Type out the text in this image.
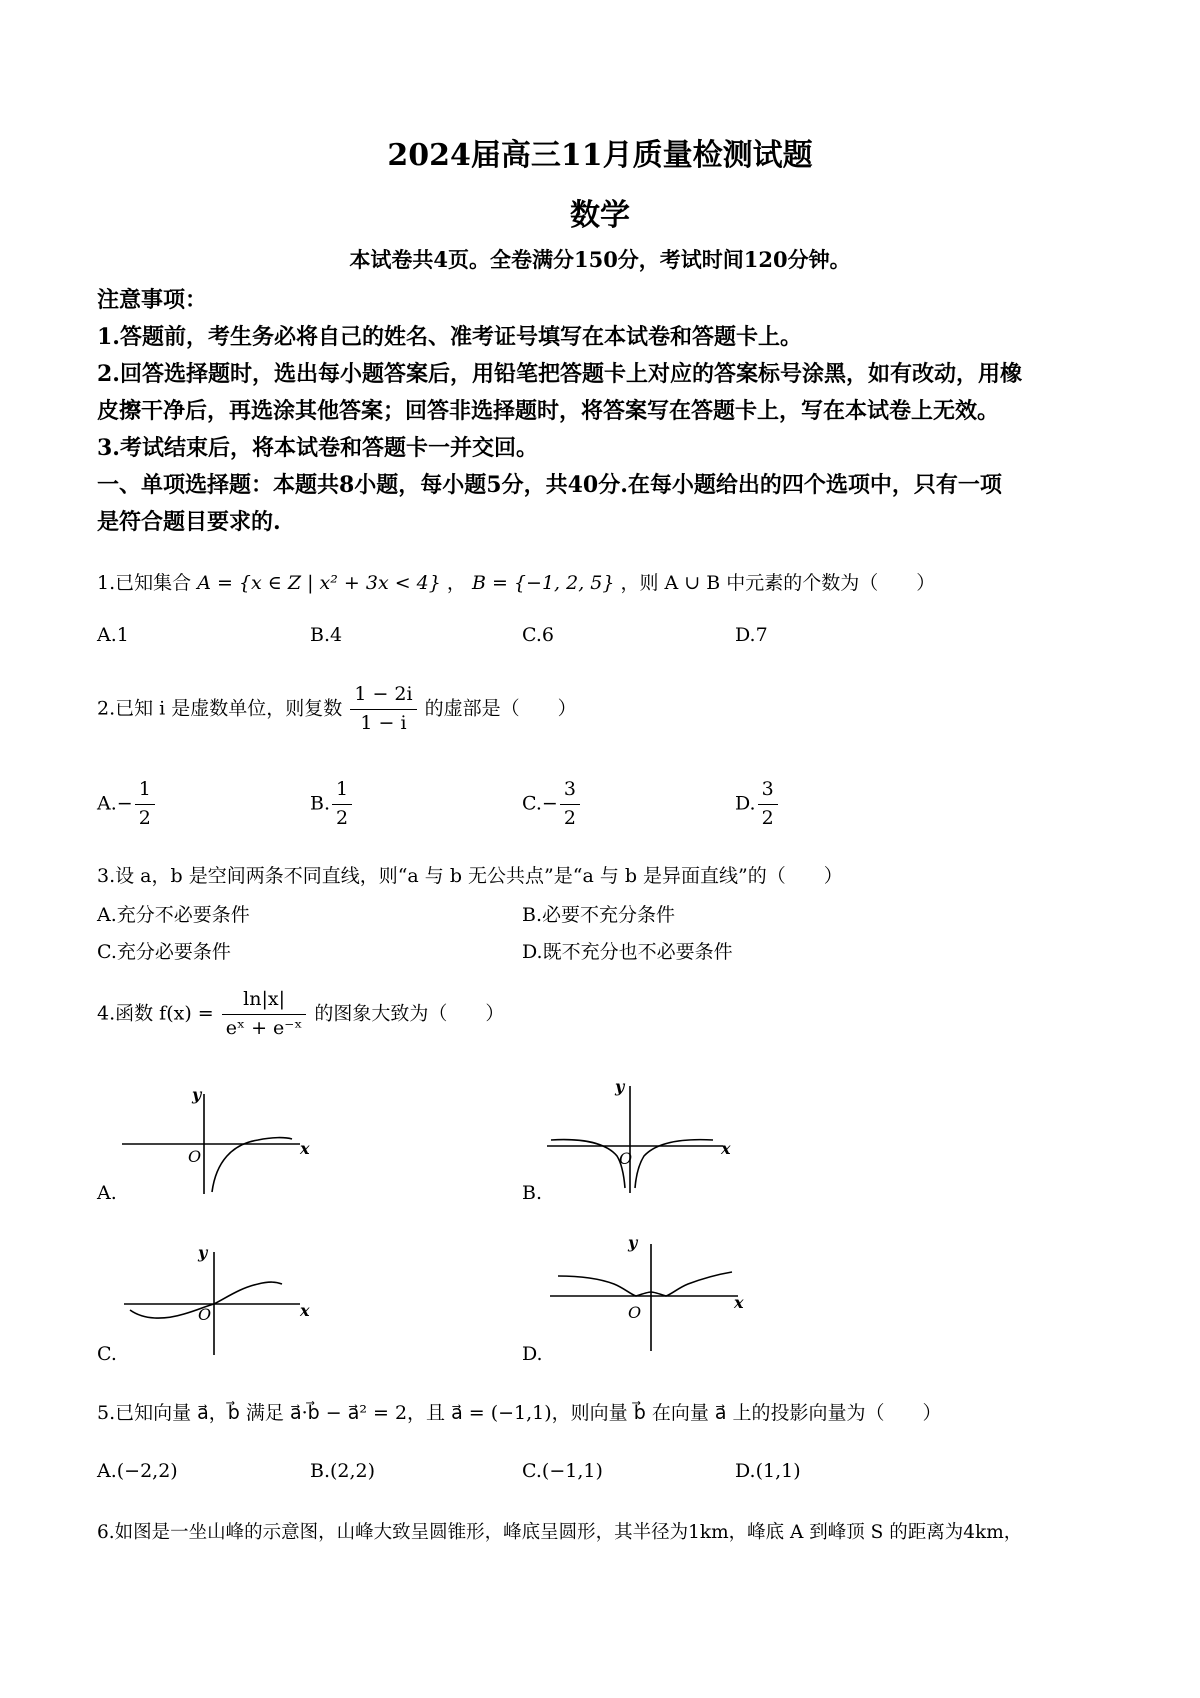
2024届高三11月质量检测试题
数学
本试卷共4页。全卷满分150分，考试时间120分钟。
注意事项：
1.答题前，考生务必将自己的姓名、准考证号填写在本试卷和答题卡上。
2.回答选择题时，选出每小题答案后，用铅笔把答题卡上对应的答案标号涂黑，如有改动，用橡
皮擦干净后，再选涂其他答案；回答非选择题时，将答案写在答题卡上，写在本试卷上无效。
3.考试结束后，将本试卷和答题卡一并交回。
一、单项选择题：本题共8小题，每小题5分，共40分.在每小题给出的四个选项中，只有一项
是符合题目要求的.
1.已知集合 A = {x ∈ Z | x² + 3x < 4} ， B = {−1, 2, 5} ，则 A ∪ B 中元素的个数为（　　）
A.1	B.4	C.6	D.7
2.已知 i 是虚数单位，则复数 $\frac{1 - 2i}{1 - i}$ 的虚部是（　　）
$A.- \frac{1}{2}$	B. $\frac{1}{2}$	$C.- \frac{3}{2}$	D. $\frac{3}{2}$
3.设 a，b 是空间两条不同直线，则“a 与 b 无公共点”是“a 与 b 是异面直线”的（　　）
A.充分不必要条件	B.必要不充分条件
C.充分必要条件	D.既不充分也不必要条件
4.函数 $f(x) = \frac{\ln|x|}{\text{eˣ + e⁻ˣ}}$ 的图象大致为（　　）
y
x
O
A.
y
x
O
B.
y
x
O
C.
y
x
O
D.
5.已知向量 a⃗，b⃗ 满足 a⃗·b⃗ − a⃗² = 2，且 a⃗ = (−1,1)，则向量 b⃗ 在向量 a⃗ 上的投影向量为（　　）
A.(−2,2)	B.(2,2)	C.(−1,1)	D.(1,1)
6.如图是一坐山峰的示意图，山峰大致呈圆锥形，峰底呈圆形，其半径为1km，峰底 A 到峰顶 S 的距离为4km，
